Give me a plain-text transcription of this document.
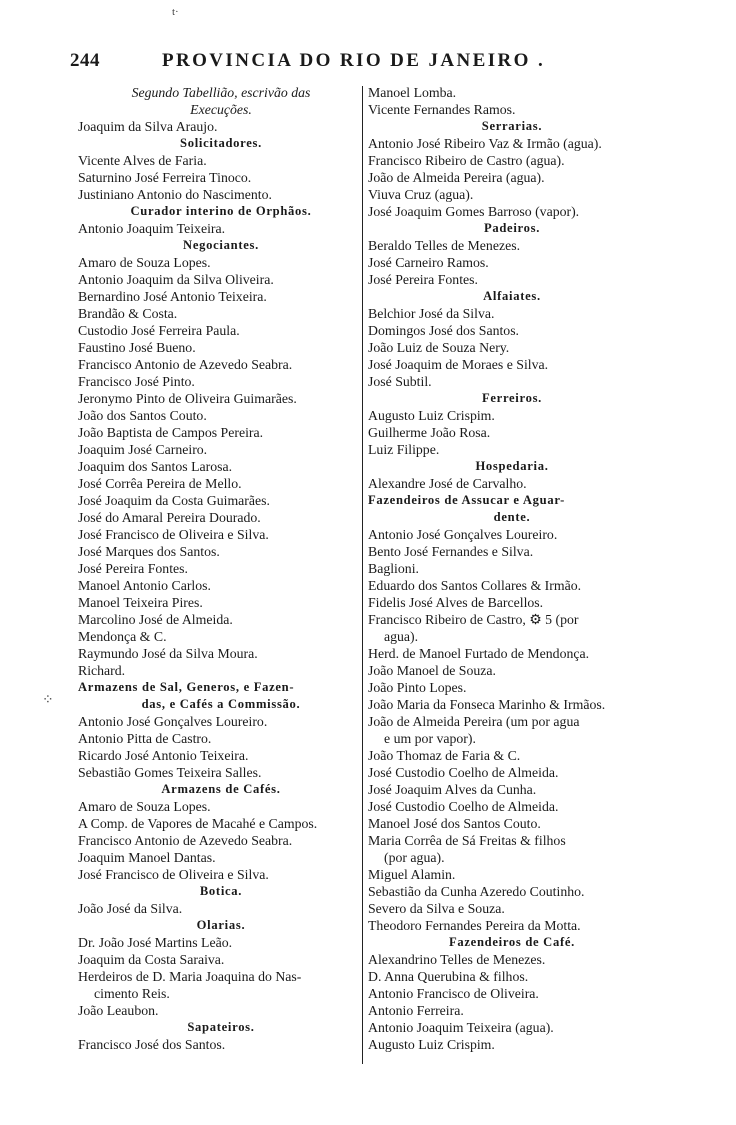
t·
244	PROVINCIA DO RIO DE JANEIRO .
⁘
Segundo Tabellião, escrivão das
Execuções.
Joaquim da Silva Araujo.
Solicitadores.
Vicente Alves de Faria.
Saturnino José Ferreira Tinoco.
Justiniano Antonio do Nascimento.
Curador interino de Orphãos.
Antonio Joaquim Teixeira.
Negociantes.
Amaro de Souza Lopes.
Antonio Joaquim da Silva Oliveira.
Bernardino José Antonio Teixeira.
Brandão & Costa.
Custodio José Ferreira Paula.
Faustino José Bueno.
Francisco Antonio de Azevedo Seabra.
Francisco José Pinto.
Jeronymo Pinto de Oliveira Guimarães.
João dos Santos Couto.
João Baptista de Campos Pereira.
Joaquim José Carneiro.
Joaquim dos Santos Larosa.
José Corrêa Pereira de Mello.
José Joaquim da Costa Guimarães.
José do Amaral Pereira Dourado.
José Francisco de Oliveira e Silva.
José Marques dos Santos.
José Pereira Fontes.
Manoel Antonio Carlos.
Manoel Teixeira Pires.
Marcolino José de Almeida.
Mendonça & C.
Raymundo José da Silva Moura.
Richard.
Armazens de Sal, Generos, e Fazen-
das, e Cafés a Commissão.
Antonio José Gonçalves Loureiro.
Antonio Pitta de Castro.
Ricardo José Antonio Teixeira.
Sebastião Gomes Teixeira Salles.
Armazens de Cafés.
Amaro de Souza Lopes.
A Comp. de Vapores de Macahé e Campos.
Francisco Antonio de Azevedo Seabra.
Joaquim Manoel Dantas.
José Francisco de Oliveira e Silva.
Botica.
João José da Silva.
Olarias.
Dr. João José Martins Leão.
Joaquim da Costa Saraiva.
Herdeiros de D. Maria Joaquina do Nas-
cimento Reis.
João Leaubon.
Sapateiros.
Francisco José dos Santos.
Manoel Lomba.
Vicente Fernandes Ramos.
Serrarias.
Antonio José Ribeiro Vaz & Irmão (agua).
Francisco Ribeiro de Castro (agua).
João de Almeida Pereira (agua).
Viuva Cruz (agua).
José Joaquim Gomes Barroso (vapor).
Padeiros.
Beraldo Telles de Menezes.
José Carneiro Ramos.
José Pereira Fontes.
Alfaiates.
Belchior José da Silva.
Domingos José dos Santos.
João Luiz de Souza Nery.
José Joaquim de Moraes e Silva.
José Subtil.
Ferreiros.
Augusto Luiz Crispim.
Guilherme João Rosa.
Luiz Filippe.
Hospedaria.
Alexandre José de Carvalho.
Fazendeiros de Assucar e Aguar-
dente.
Antonio José Gonçalves Loureiro.
Bento José Fernandes e Silva.
Baglioni.
Eduardo dos Santos Collares & Irmão.
Fidelis José Alves de Barcellos.
Francisco Ribeiro de Castro, ⚙ 5 (por
agua).
Herd. de Manoel Furtado de Mendonça.
João Manoel de Souza.
João Pinto Lopes.
João Maria da Fonseca Marinho & Irmãos.
João de Almeida Pereira (um por agua
e um por vapor).
João Thomaz de Faria & C.
José Custodio Coelho de Almeida.
José Joaquim Alves da Cunha.
José Custodio Coelho de Almeida.
Manoel José dos Santos Couto.
Maria Corrêa de Sá Freitas & filhos
(por agua).
Miguel Alamin.
Sebastião da Cunha Azeredo Coutinho.
Severo da Silva e Souza.
Theodoro Fernandes Pereira da Motta.
Fazendeiros de Café.
Alexandrino Telles de Menezes.
D. Anna Querubina & filhos.
Antonio Francisco de Oliveira.
Antonio Ferreira.
Antonio Joaquim Teixeira (agua).
Augusto Luiz Crispim.
